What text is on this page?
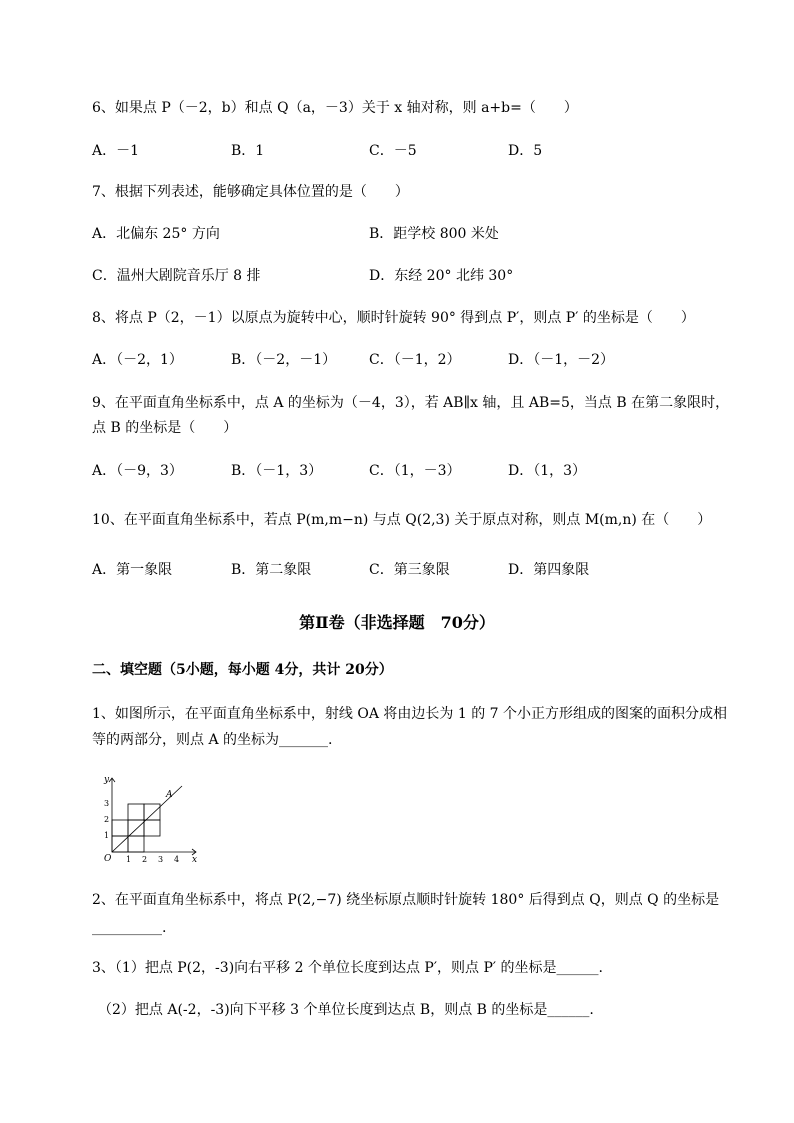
6、如果点 P（－2，b）和点 Q（a，－3）关于 x 轴对称，则 a+b=（　　）
A．－1	B．1	C．－5	D．5
7、根据下列表述，能够确定具体位置的是（　　）
A．北偏东 25° 方向	B．距学校 800 米处
C．温州大剧院音乐厅 8 排	D．东经 20° 北纬 30°
8、将点 P（2，－1）以原点为旋转中心，顺时针旋转 90° 得到点 P′，则点 P′ 的坐标是（　　）
A．（－2，1）	B．（－2，－1） C．（－1，2）	D．（－1，－2）
9、在平面直角坐标系中，点 A 的坐标为（－4，3），若 AB∥x 轴，且 AB=5，当点 B 在第二象限时，
点 B 的坐标是（　　）
A．（－9，3）	B．（－1，3）	C．（1，－3）	D．（1，3）
10、在平面直角坐标系中，若点 P(m,m−n) 与点 Q(2,3) 关于原点对称，则点 M(m,n) 在（　　）
A．第一象限	B．第二象限	C．第三象限	D．第四象限
第Ⅱ卷（非选择题　70分）
二、填空题（5小题，每小题 4分，共计 20分）
1、如图所示，在平面直角坐标系中，射线 OA 将由边长为 1 的 7 个小正方形组成的图案的面积分成相
等的两部分，则点 A 的坐标为_______.
y
x
O
A
1
2
3
1 2 3 4
2、在平面直角坐标系中，将点 P(2,−7) 绕坐标原点顺时针旋转 180° 后得到点 Q，则点 Q 的坐标是
__________.
3、（1）把点 P(2，-3)向右平移 2 个单位长度到达点 P′，则点 P′ 的坐标是______.
（2）把点 A(-2，-3)向下平移 3 个单位长度到达点 B，则点 B 的坐标是______.
